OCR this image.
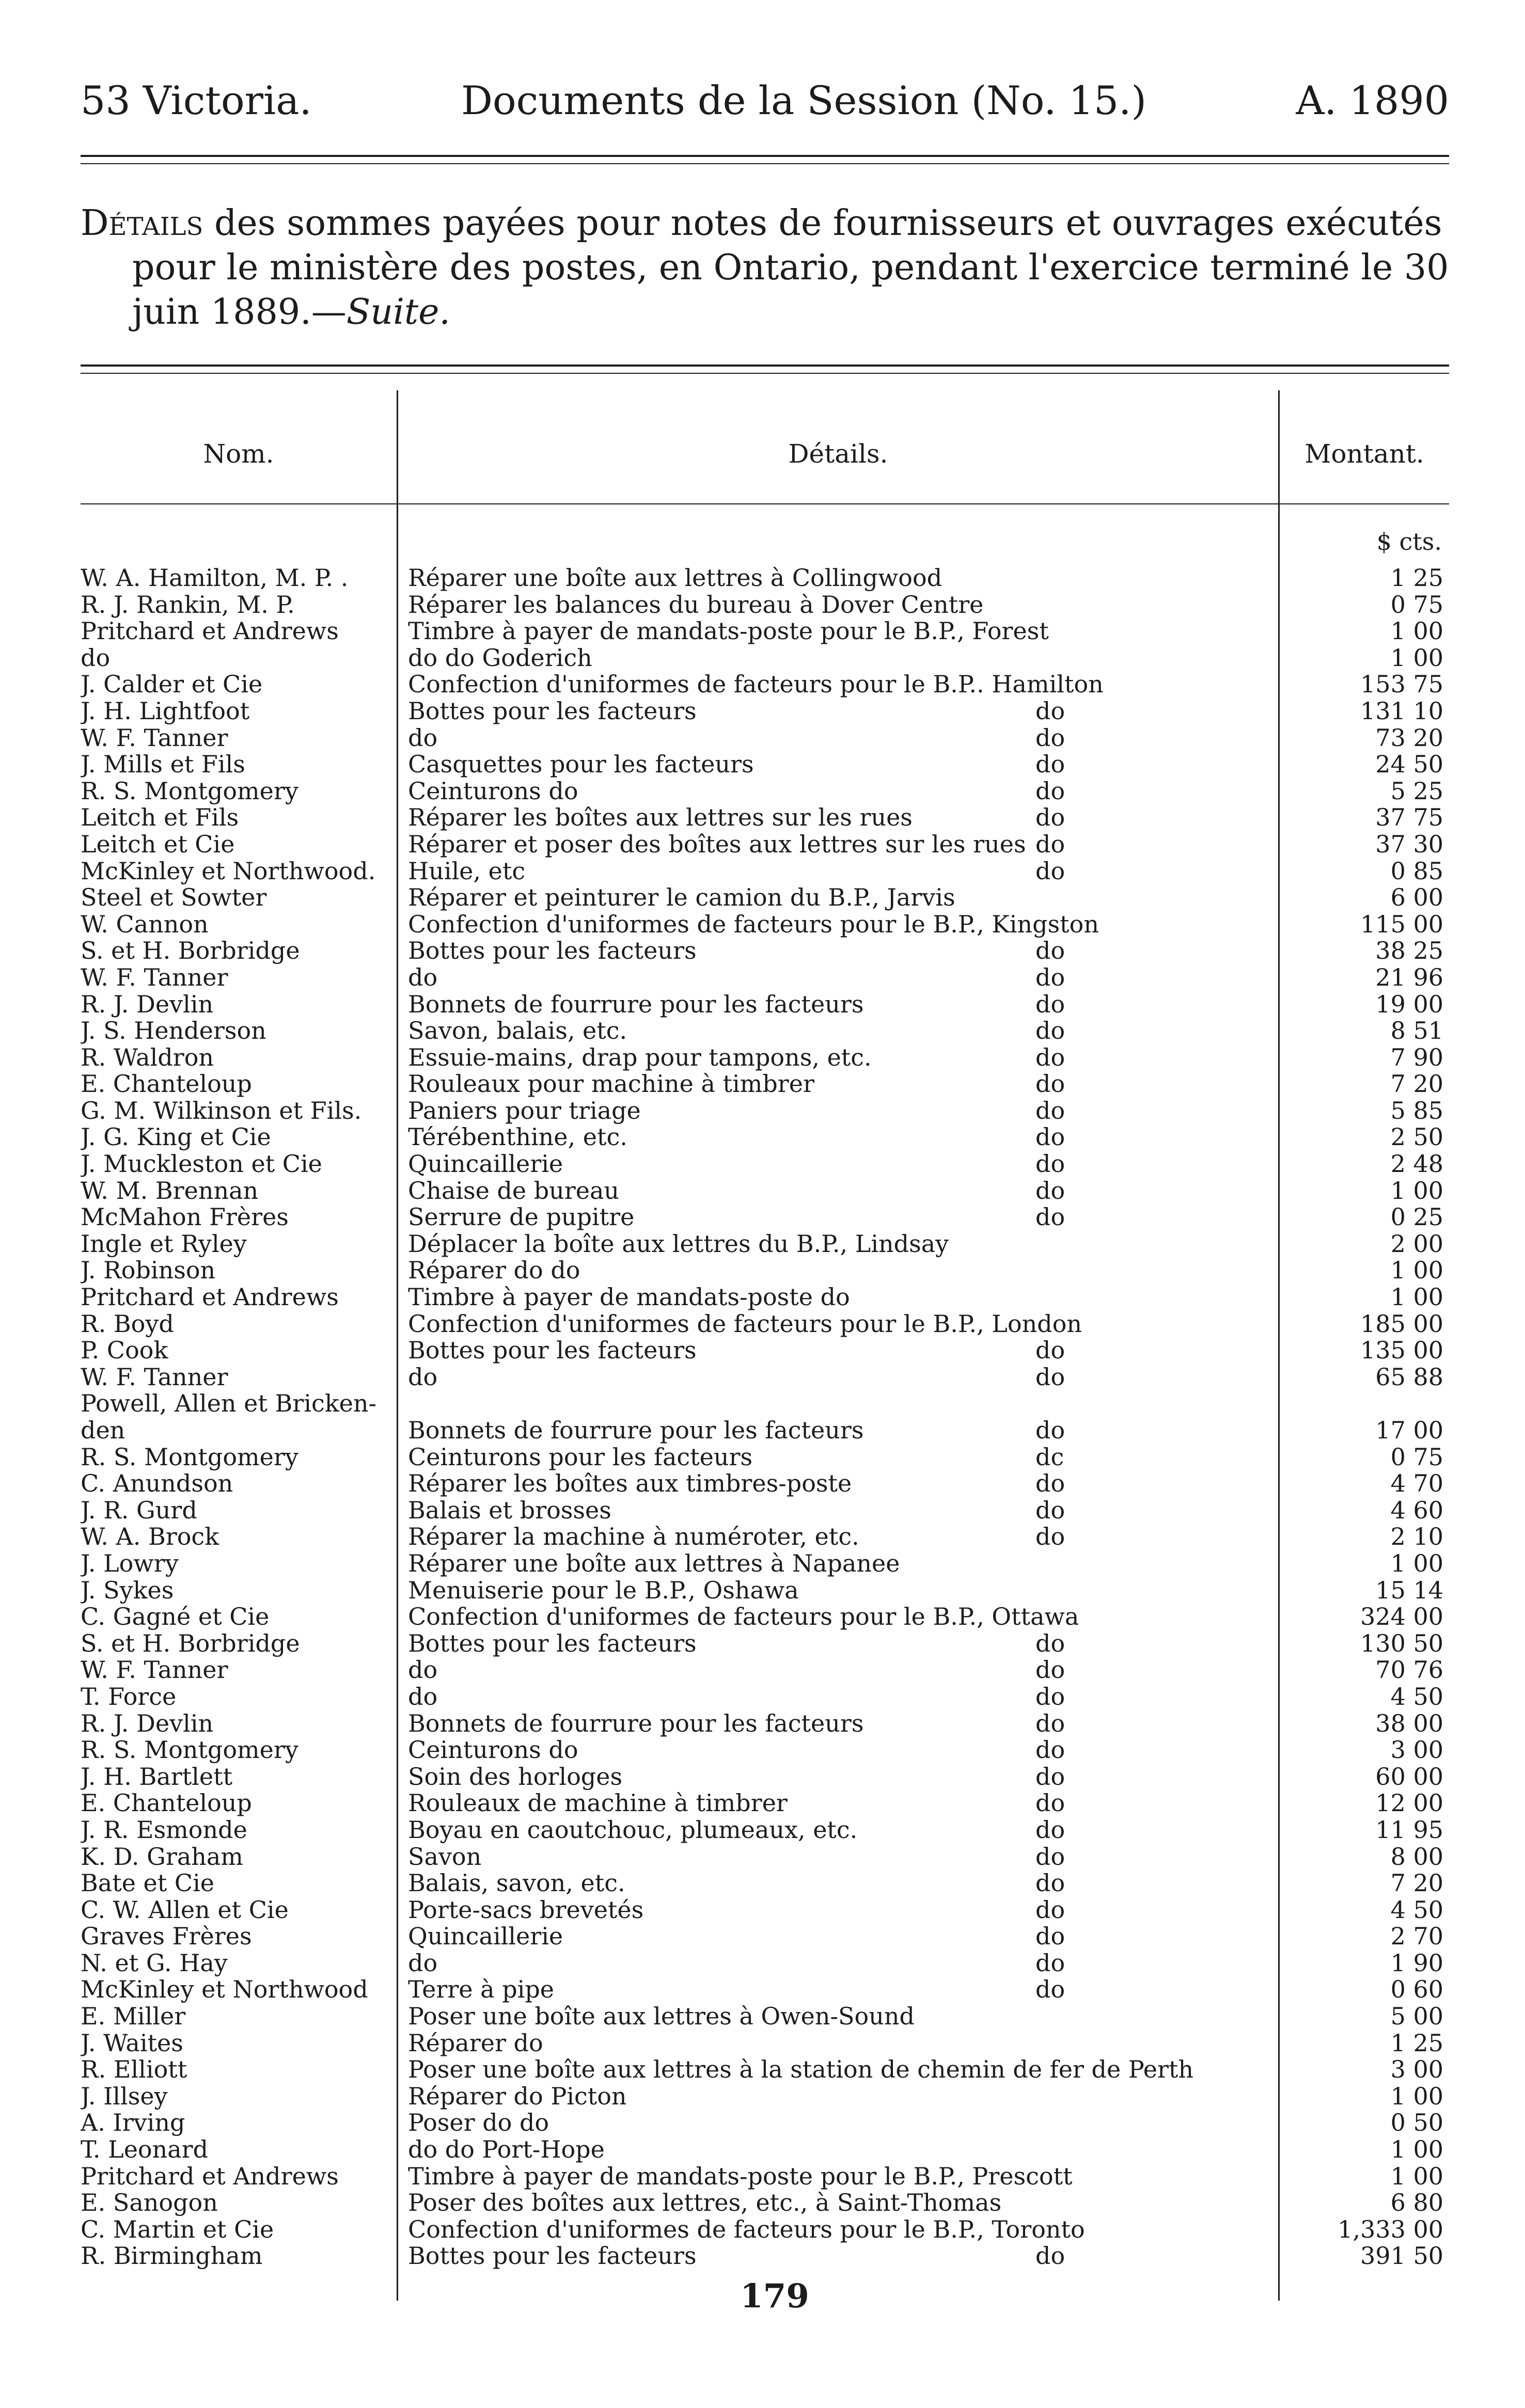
53 Victoria.	Documents de la Session (No. 15.)	A. 1890
Détails des sommes payées pour notes de fournisseurs et ouvrages exécutés
pour le ministère des postes, en Ontario, pendant l'exercice terminé le 30
juin 1889.—Suite.
Nom.	Détails.	Montant.
$ cts.
W. A. Hamilton, M. P. .	Réparer une boîte aux lettres à Collingwood	1 25
R. J. Rankin, M. P.	Réparer les balances du bureau à Dover Centre	0 75
Pritchard et Andrews	Timbre à payer de mandats-poste pour le B.P., Forest	1 00
do	do do Goderich	1 00
J. Calder et Cie	Confection d'uniformes de facteurs pour le B.P.. Hamilton	153 75
J. H. Lightfoot	Bottes pour les facteurs	do	131 10
W. F. Tanner	do	do	73 20
J. Mills et Fils	Casquettes pour les facteurs	do	24 50
R. S. Montgomery	Ceinturons do	do	5 25
Leitch et Fils	Réparer les boîtes aux lettres sur les rues	do	37 75
Leitch et Cie	Réparer et poser des boîtes aux lettres sur les rues do	37 30
McKinley et Northwood.	Huile, etc	do	0 85
Steel et Sowter	Réparer et peinturer le camion du B.P., Jarvis	6 00
W. Cannon	Confection d'uniformes de facteurs pour le B.P., Kingston	115 00
S. et H. Borbridge	Bottes pour les facteurs	do	38 25
W. F. Tanner	do	do	21 96
R. J. Devlin	Bonnets de fourrure pour les facteurs	do	19 00
J. S. Henderson	Savon, balais, etc.	do	8 51
R. Waldron	Essuie-mains, drap pour tampons, etc.	do	7 90
E. Chanteloup	Rouleaux pour machine à timbrer	do	7 20
G. M. Wilkinson et Fils.	Paniers pour triage	do	5 85
J. G. King et Cie	Térébenthine, etc.	do	2 50
J. Muckleston et Cie	Quincaillerie	do	2 48
W. M. Brennan	Chaise de bureau	do	1 00
McMahon Frères	Serrure de pupitre	do	0 25
Ingle et Ryley	Déplacer la boîte aux lettres du B.P., Lindsay	2 00
J. Robinson	Réparer do do	1 00
Pritchard et Andrews	Timbre à payer de mandats-poste do	1 00
R. Boyd	Confection d'uniformes de facteurs pour le B.P., London	185 00
P. Cook	Bottes pour les facteurs	do	135 00
W. F. Tanner	do	do	65 88
Powell, Allen et Bricken-
den	Bonnets de fourrure pour les facteurs	do	17 00
R. S. Montgomery	Ceinturons pour les facteurs	dc	0 75
C. Anundson	Réparer les boîtes aux timbres-poste	do	4 70
J. R. Gurd	Balais et brosses	do	4 60
W. A. Brock	Réparer la machine à numéroter, etc.	do	2 10
J. Lowry	Réparer une boîte aux lettres à Napanee	1 00
J. Sykes	Menuiserie pour le B.P., Oshawa	15 14
C. Gagné et Cie	Confection d'uniformes de facteurs pour le B.P., Ottawa	324 00
S. et H. Borbridge	Bottes pour les facteurs	do	130 50
W. F. Tanner	do	do	70 76
T. Force	do	do	4 50
R. J. Devlin	Bonnets de fourrure pour les facteurs	do	38 00
R. S. Montgomery	Ceinturons do	do	3 00
J. H. Bartlett	Soin des horloges	do	60 00
E. Chanteloup	Rouleaux de machine à timbrer	do	12 00
J. R. Esmonde	Boyau en caoutchouc, plumeaux, etc.	do	11 95
K. D. Graham	Savon	do	8 00
Bate et Cie	Balais, savon, etc.	do	7 20
C. W. Allen et Cie	Porte-sacs brevetés	do	4 50
Graves Frères	Quincaillerie	do	2 70
N. et G. Hay	do	do	1 90
McKinley et Northwood	Terre à pipe	do	0 60
E. Miller	Poser une boîte aux lettres à Owen-Sound	5 00
J. Waites	Réparer do	1 25
R. Elliott	Poser une boîte aux lettres à la station de chemin de fer de Perth	3 00
J. Illsey	Réparer do Picton	1 00
A. Irving	Poser do do	0 50
T. Leonard	do do Port-Hope	1 00
Pritchard et Andrews	Timbre à payer de mandats-poste pour le B.P., Prescott	1 00
E. Sanogon	Poser des boîtes aux lettres, etc., à Saint-Thomas	6 80
C. Martin et Cie	Confection d'uniformes de facteurs pour le B.P., Toronto	1,333 00
R. Birmingham	Bottes pour les facteurs	do	391 50
179
